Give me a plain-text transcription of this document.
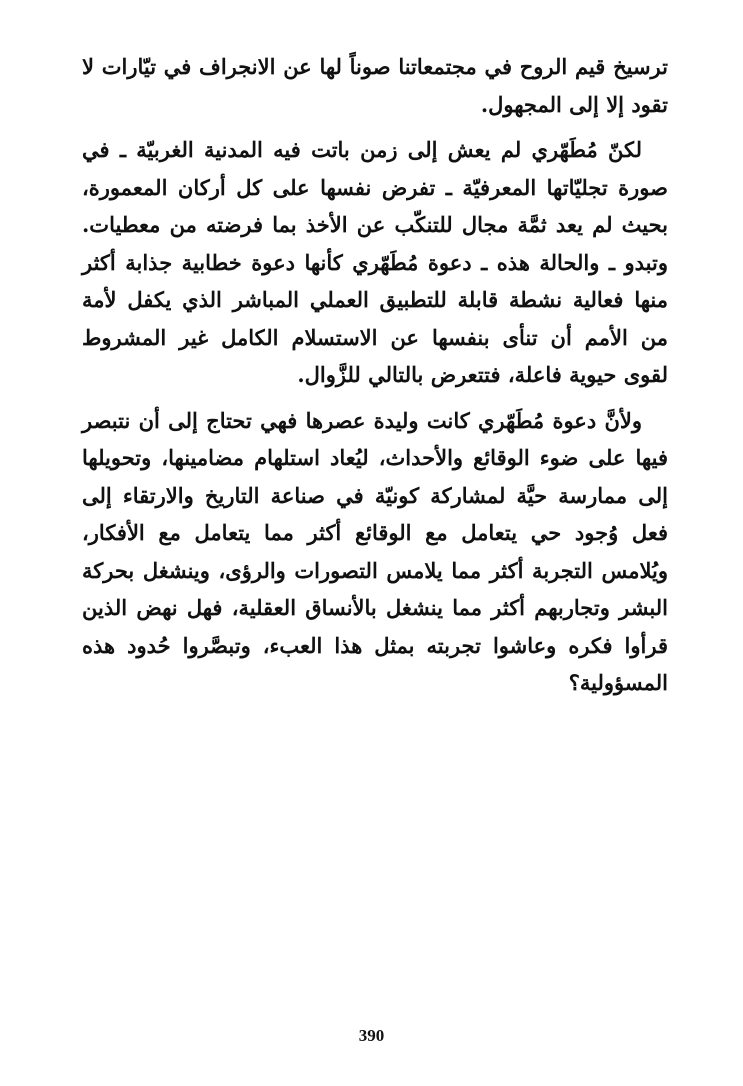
ترسيخ قيم الروح في مجتمعاتنا صوناً لها عن الانجراف في تيّارات لا تقود إلا إلى المجهول.

لكنّ مُطَهّري لم يعش إلى زمن باتت فيه المدنية الغربيّة ـ في صورة تجليّاتها المعرفيّة ـ تفرض نفسها على كل أركان المعمورة، بحيث لم يعد ثمَّة مجال للتنكّب عن الأخذ بما فرضته من معطيات. وتبدو ـ والحالة هذه ـ دعوة مُطَهّري كأنها دعوة خطابية جذابة أكثر منها فعالية نشطة قابلة للتطبيق العملي المباشر الذي يكفل لأمة من الأمم أن تنأى بنفسها عن الاستسلام الكامل غير المشروط لقوى حيوية فاعلة، فتتعرض بالتالي للزَّوال.

ولأنَّ دعوة مُطَهّري كانت وليدة عصرها فهي تحتاج إلى أن نتبصر فيها على ضوء الوقائع والأحداث، ليُعاد استلهام مضامينها، وتحويلها إلى ممارسة حيَّة لمشاركة كونيّة في صناعة التاريخ والارتقاء إلى فعل وُجود حي يتعامل مع الوقائع أكثر مما يتعامل مع الأفكار، ويُلامس التجربة أكثر مما يلامس التصورات والرؤى، وينشغل بحركة البشر وتجاربهم أكثر مما ينشغل بالأنساق العقلية، فهل نهض الذين قرأوا فكره وعاشوا تجربته بمثل هذا العبء، وتبصَّروا حُدود هذه المسؤولية؟

390
